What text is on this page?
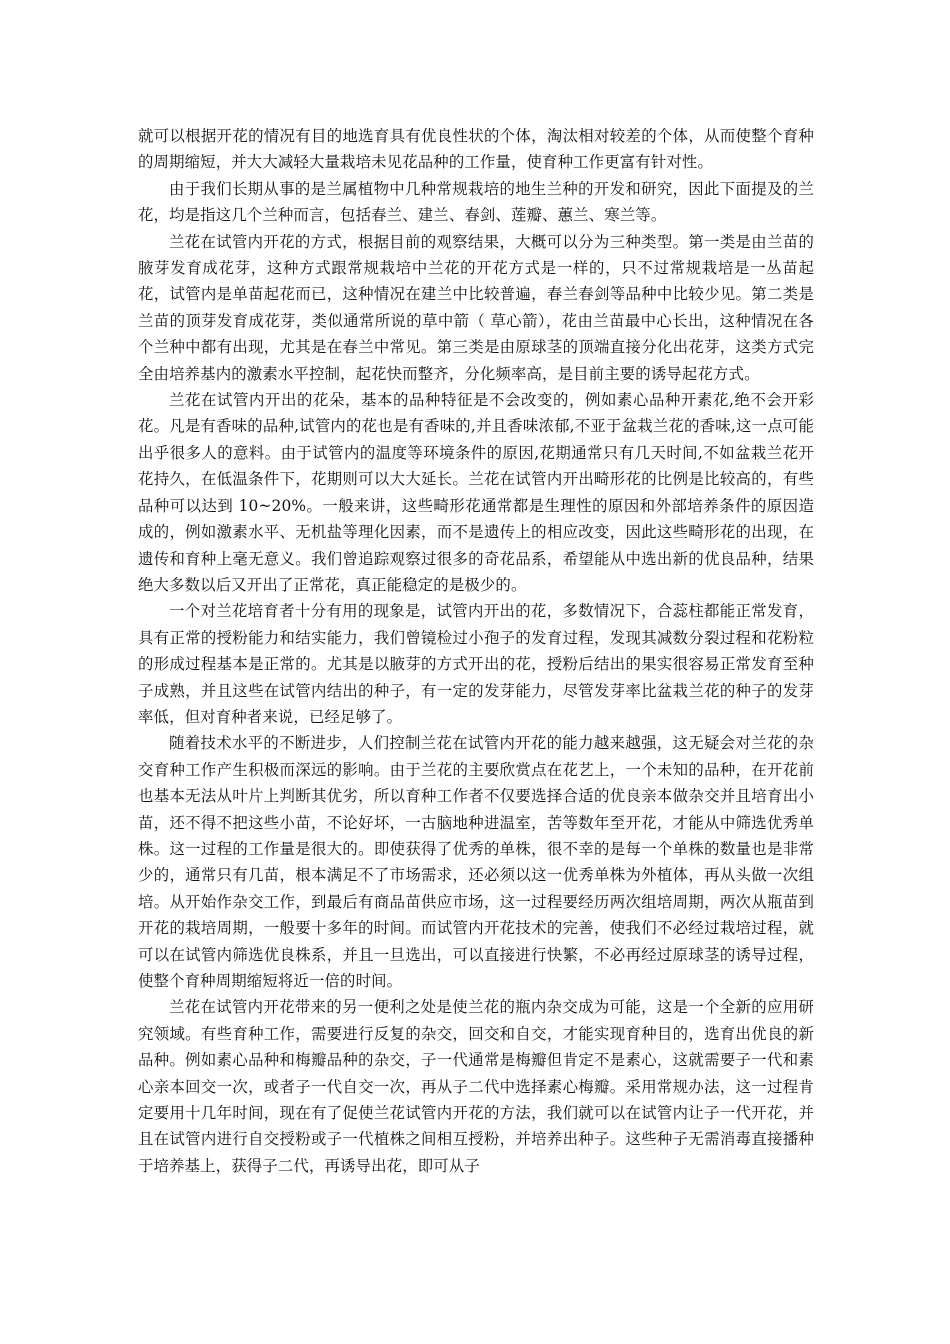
就可以根据开花的情况有目的地选育具有优良性状的个体，淘汰相对较差的个体，从而使整个育种的周期缩短，并大大减轻大量栽培未见花品种的工作量，使育种工作更富有针对性。

由于我们长期从事的是兰属植物中几种常规栽培的地生兰种的开发和研究，因此下面提及的兰花，均是指这几个兰种而言，包括春兰、建兰、春剑、莲瓣、蕙兰、寒兰等。

兰花在试管内开花的方式，根据目前的观察结果，大概可以分为三种类型。第一类是由兰苗的腋芽发育成花芽，这种方式跟常规栽培中兰花的开花方式是一样的，只不过常规栽培是一丛苗起花，试管内是单苗起花而已，这种情况在建兰中比较普遍，春兰春剑等品种中比较少见。第二类是兰苗的顶芽发育成花芽，类似通常所说的草中箭（ 草心箭），花由兰苗最中心长出，这种情况在各个兰种中都有出现，尤其是在春兰中常见。第三类是由原球茎的顶端直接分化出花芽，这类方式完全由培养基内的激素水平控制，起花快而整齐，分化频率高，是目前主要的诱导起花方式。

兰花在试管内开出的花朵，基本的品种特征是不会改变的，例如素心品种开素花,绝不会开彩花。凡是有香味的品种,试管内的花也是有香味的,并且香味浓郁,不亚于盆栽兰花的香味,这一点可能出乎很多人的意料。由于试管内的温度等环境条件的原因,花期通常只有几天时间,不如盆栽兰花开花持久，在低温条件下，花期则可以大大延长。兰花在试管内开出畸形花的比例是比较高的，有些品种可以达到 10~20%。一般来讲，这些畸形花通常都是生理性的原因和外部培养条件的原因造成的，例如激素水平、无机盐等理化因素，而不是遗传上的相应改变，因此这些畸形花的出现，在遗传和育种上毫无意义。我们曾追踪观察过很多的奇花品系，希望能从中选出新的优良品种，结果绝大多数以后又开出了正常花，真正能稳定的是极少的。

一个对兰花培育者十分有用的现象是，试管内开出的花，多数情况下，合蕊柱都能正常发育，具有正常的授粉能力和结实能力，我们曾镜检过小孢子的发育过程，发现其减数分裂过程和花粉粒的形成过程基本是正常的。尤其是以腋芽的方式开出的花，授粉后结出的果实很容易正常发育至种子成熟，并且这些在试管内结出的种子，有一定的发芽能力，尽管发芽率比盆栽兰花的种子的发芽率低，但对育种者来说，已经足够了。

随着技术水平的不断进步，人们控制兰花在试管内开花的能力越来越强，这无疑会对兰花的杂交育种工作产生积极而深远的影响。由于兰花的主要欣赏点在花艺上，一个未知的品种，在开花前也基本无法从叶片上判断其优劣，所以育种工作者不仅要选择合适的优良亲本做杂交并且培育出小苗，还不得不把这些小苗，不论好坏，一古脑地种进温室，苦等数年至开花，才能从中筛选优秀单株。这一过程的工作量是很大的。即使获得了优秀的单株，很不幸的是每一个单株的数量也是非常少的，通常只有几苗，根本满足不了市场需求，还必须以这一优秀单株为外植体，再从头做一次组培。从开始作杂交工作，到最后有商品苗供应市场，这一过程要经历两次组培周期，两次从瓶苗到开花的栽培周期，一般要十多年的时间。而试管内开花技术的完善，使我们不必经过栽培过程，就可以在试管内筛选优良株系，并且一旦选出，可以直接进行快繁，不必再经过原球茎的诱导过程，使整个育种周期缩短将近一倍的时间。

兰花在试管内开花带来的另一便利之处是使兰花的瓶内杂交成为可能，这是一个全新的应用研究领域。有些育种工作，需要进行反复的杂交，回交和自交，才能实现育种目的，选育出优良的新品种。例如素心品种和梅瓣品种的杂交，子一代通常是梅瓣但肯定不是素心，这就需要子一代和素心亲本回交一次，或者子一代自交一次，再从子二代中选择素心梅瓣。采用常规办法，这一过程肯定要用十几年时间，现在有了促使兰花试管内开花的方法，我们就可以在试管内让子一代开花，并且在试管内进行自交授粉或子一代植株之间相互授粉，并培养出种子。这些种子无需消毒直接播种于培养基上，获得子二代，再诱导出花，即可从子
